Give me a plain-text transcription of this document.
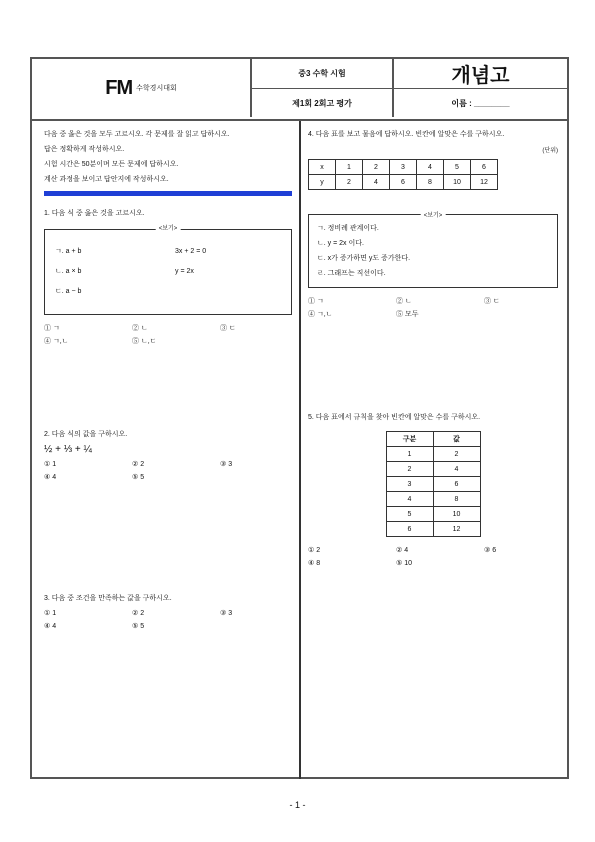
FM 수학경시대회
중3 수학 시험
제1회 2회고 평가
개념고
이름 : ________

다음 중 옳은 것을 모두 고르시오. 각 문제를 잘 읽고 답하시오.

답은 정확하게 작성하시오.

시험 시간은 50분이며 모든 문제에 답하시오.

계산 과정을 보이고 답안지에 작성하시오.

1. 다음 식 중 옳은 것을 고르시오.

<보기>
ㄱ. a + b
ㄴ. a × b
ㄷ. a − b
3x + 2 = 0
y = 2x
① ㄱ	② ㄴ	③ ㄷ
④ ㄱ,ㄴ	⑤ ㄴ,ㄷ

2. 다음 식의 값을 구하시오.

½ + ⅓ + ¼

① 1	② 2	③ 3
④ 4	⑤ 5

3. 다음 중 조건을 만족하는 값을 구하시오.

① 1	② 2	③ 3
④ 4	⑤ 5

4. 다음 표를 보고 물음에 답하시오. 빈칸에 알맞은 수를 구하시오.

(단위)
x	1	2	3	4	5	6
y	2	4	6	8	10	12
<보기>
ㄱ. 정비례 관계이다.
ㄴ. y = 2x 이다.
ㄷ. x가 증가하면 y도 증가한다.
ㄹ. 그래프는 직선이다.
① ㄱ	② ㄴ	③ ㄷ
④ ㄱ,ㄴ	⑤ 모두

5. 다음 표에서 규칙을 찾아 빈칸에 알맞은 수를 구하시오.

구분	값
1	2
2	4
3	6
4	8
5	10
6	12
① 2	② 4	③ 6
④ 8	⑤ 10
- 1 -
